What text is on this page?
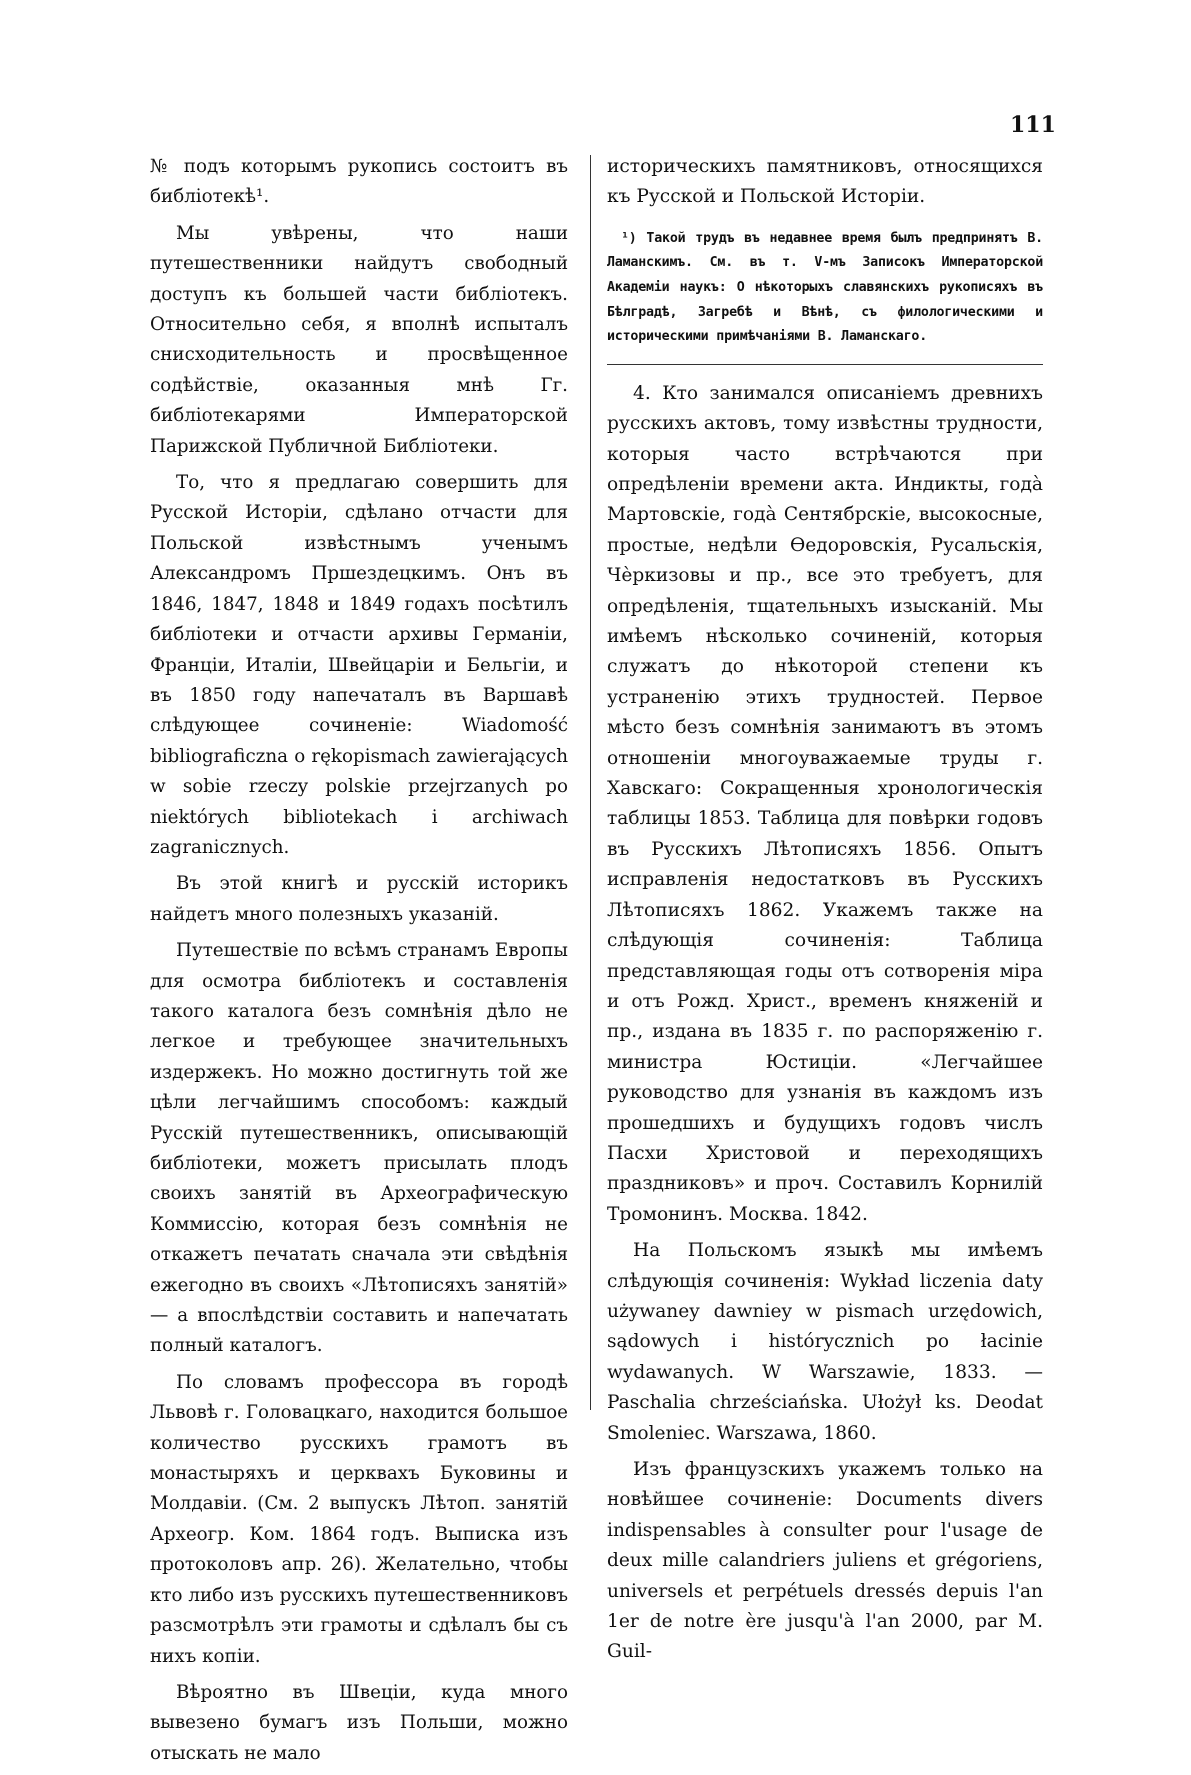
111

№ подъ которымъ рукопись состоитъ въ библіотекѣ¹.

Мы увѣрены, что наши путешественники найдутъ свободный доступъ къ большей части библіотекъ. Относительно себя, я вполнѣ испыталъ снисходительность и просвѣщенное содѣйствіе, оказанныя мнѣ Гг. библіотекарями Императорской Парижской Публичной Библіотеки.

То, что я предлагаю совершить для Русской Исторіи, сдѣлано отчасти для Польской извѣстнымъ ученымъ Александромъ Пршездецкимъ. Онъ въ 1846, 1847, 1848 и 1849 годахъ посѣтилъ библіотеки и отчасти архивы Германіи, Франціи, Италіи, Швейцаріи и Бельгіи, и въ 1850 году напечаталъ въ Варшавѣ слѣдующее сочиненіе: Wiadomość bibliograficzna o rękopismach zawierających w sobie rzeczy polskie przejrzanych po niektórych bibliotekach i archiwach zagranicznych.

Въ этой книгѣ и русскій историкъ найдетъ много полезныхъ указаній.

Путешествіе по всѣмъ странамъ Европы для осмотра библіотекъ и составленія такого каталога безъ сомнѣнія дѣло не легкое и требующее значительныхъ издержекъ. Но можно достигнуть той же цѣли легчайшимъ способомъ: каждый Русскій путешественникъ, описывающій библіотеки, можетъ присылать плодъ своихъ занятій въ Археографическую Коммиссію, которая безъ сомнѣнія не откажетъ печатать сначала эти свѣдѣнія ежегодно въ своихъ «Лѣтописяхъ занятій» — а впослѣдствіи составить и напечатать полный каталогъ.

По словамъ профессора въ городѣ Львовѣ г. Головацкаго, находится большое количество русскихъ грамотъ въ монастыряхъ и церквахъ Буковины и Молдавіи. (См. 2 выпускъ Лѣтоп. занятій Археогр. Ком. 1864 годъ. Выписка изъ протоколовъ апр. 26). Желательно, чтобы кто либо изъ русскихъ путешественниковъ разсмотрѣлъ эти грамоты и сдѣлалъ бы съ нихъ копіи.

Вѣроятно въ Швеціи, куда много вывезено бумагъ изъ Польши, можно отыскать не мало

историческихъ памятниковъ, относящихся къ Русской и Польской Исторіи.

¹) Такой трудъ въ недавнее время былъ предпринятъ В. Ламанскимъ. См. въ т. V-мъ Записокъ Императорской Академіи наукъ: О нѣкоторыхъ славянскихъ рукописяхъ въ Бѣлградѣ, Загребѣ и Вѣнѣ, съ филологическими и историческими примѣчаніями В. Ламанскаго.

4. Кто занимался описаніемъ древнихъ русскихъ актовъ, тому извѣстны трудности, которыя часто встрѣчаются при опредѣленіи времени акта. Индикты, годà Мартовскіе, годà Сентябрскіе, высокосные, простые, недѣли Ѳедоровскія, Русальскія, Чѐркизовы и пр., все это требуетъ, для опредѣленія, тщательныхъ изысканій. Мы имѣемъ нѣсколько сочиненій, которыя служатъ до нѣкоторой степени къ устраненію этихъ трудностей. Первое мѣсто безъ сомнѣнія занимаютъ въ этомъ отношеніи многоуважаемые труды г. Хавскаго: Сокращенныя хронологическія таблицы 1853. Таблица для повѣрки годовъ въ Русскихъ Лѣтописяхъ 1856. Опытъ исправленія недостатковъ въ Русскихъ Лѣтописяхъ 1862. Укажемъ также на слѣдующія сочиненія: Таблица представляющая годы отъ сотворенія міра и отъ Рожд. Христ., временъ княженій и пр., издана въ 1835 г. по распоряженію г. министра Юстиціи. «Легчайшее руководство для узнанія въ каждомъ изъ прошедшихъ и будущихъ годовъ числъ Пасхи Христовой и переходящихъ праздниковъ» и проч. Составилъ Корнилій Тромонинъ. Москва. 1842.

На Польскомъ языкѣ мы имѣемъ слѣдующія сочиненія: Wykład liczenia daty używaney dawniey w pismach urzędowich, sądowych i histórycznich po łacinie wydawanych. W Warszawie, 1833. — Paschalia chrześciańska. Ułożył ks. Deodat Smoleniec. Warszawa, 1860.

Изъ французскихъ укажемъ только на новѣйшее сочиненіе: Documents divers indispensables à consulter pour l'usage de deux mille calandriers juliens et grégoriens, universels et perpétuels dressés depuis l'an 1er de notre ère jusqu'à l'an 2000, par M. Guil-
